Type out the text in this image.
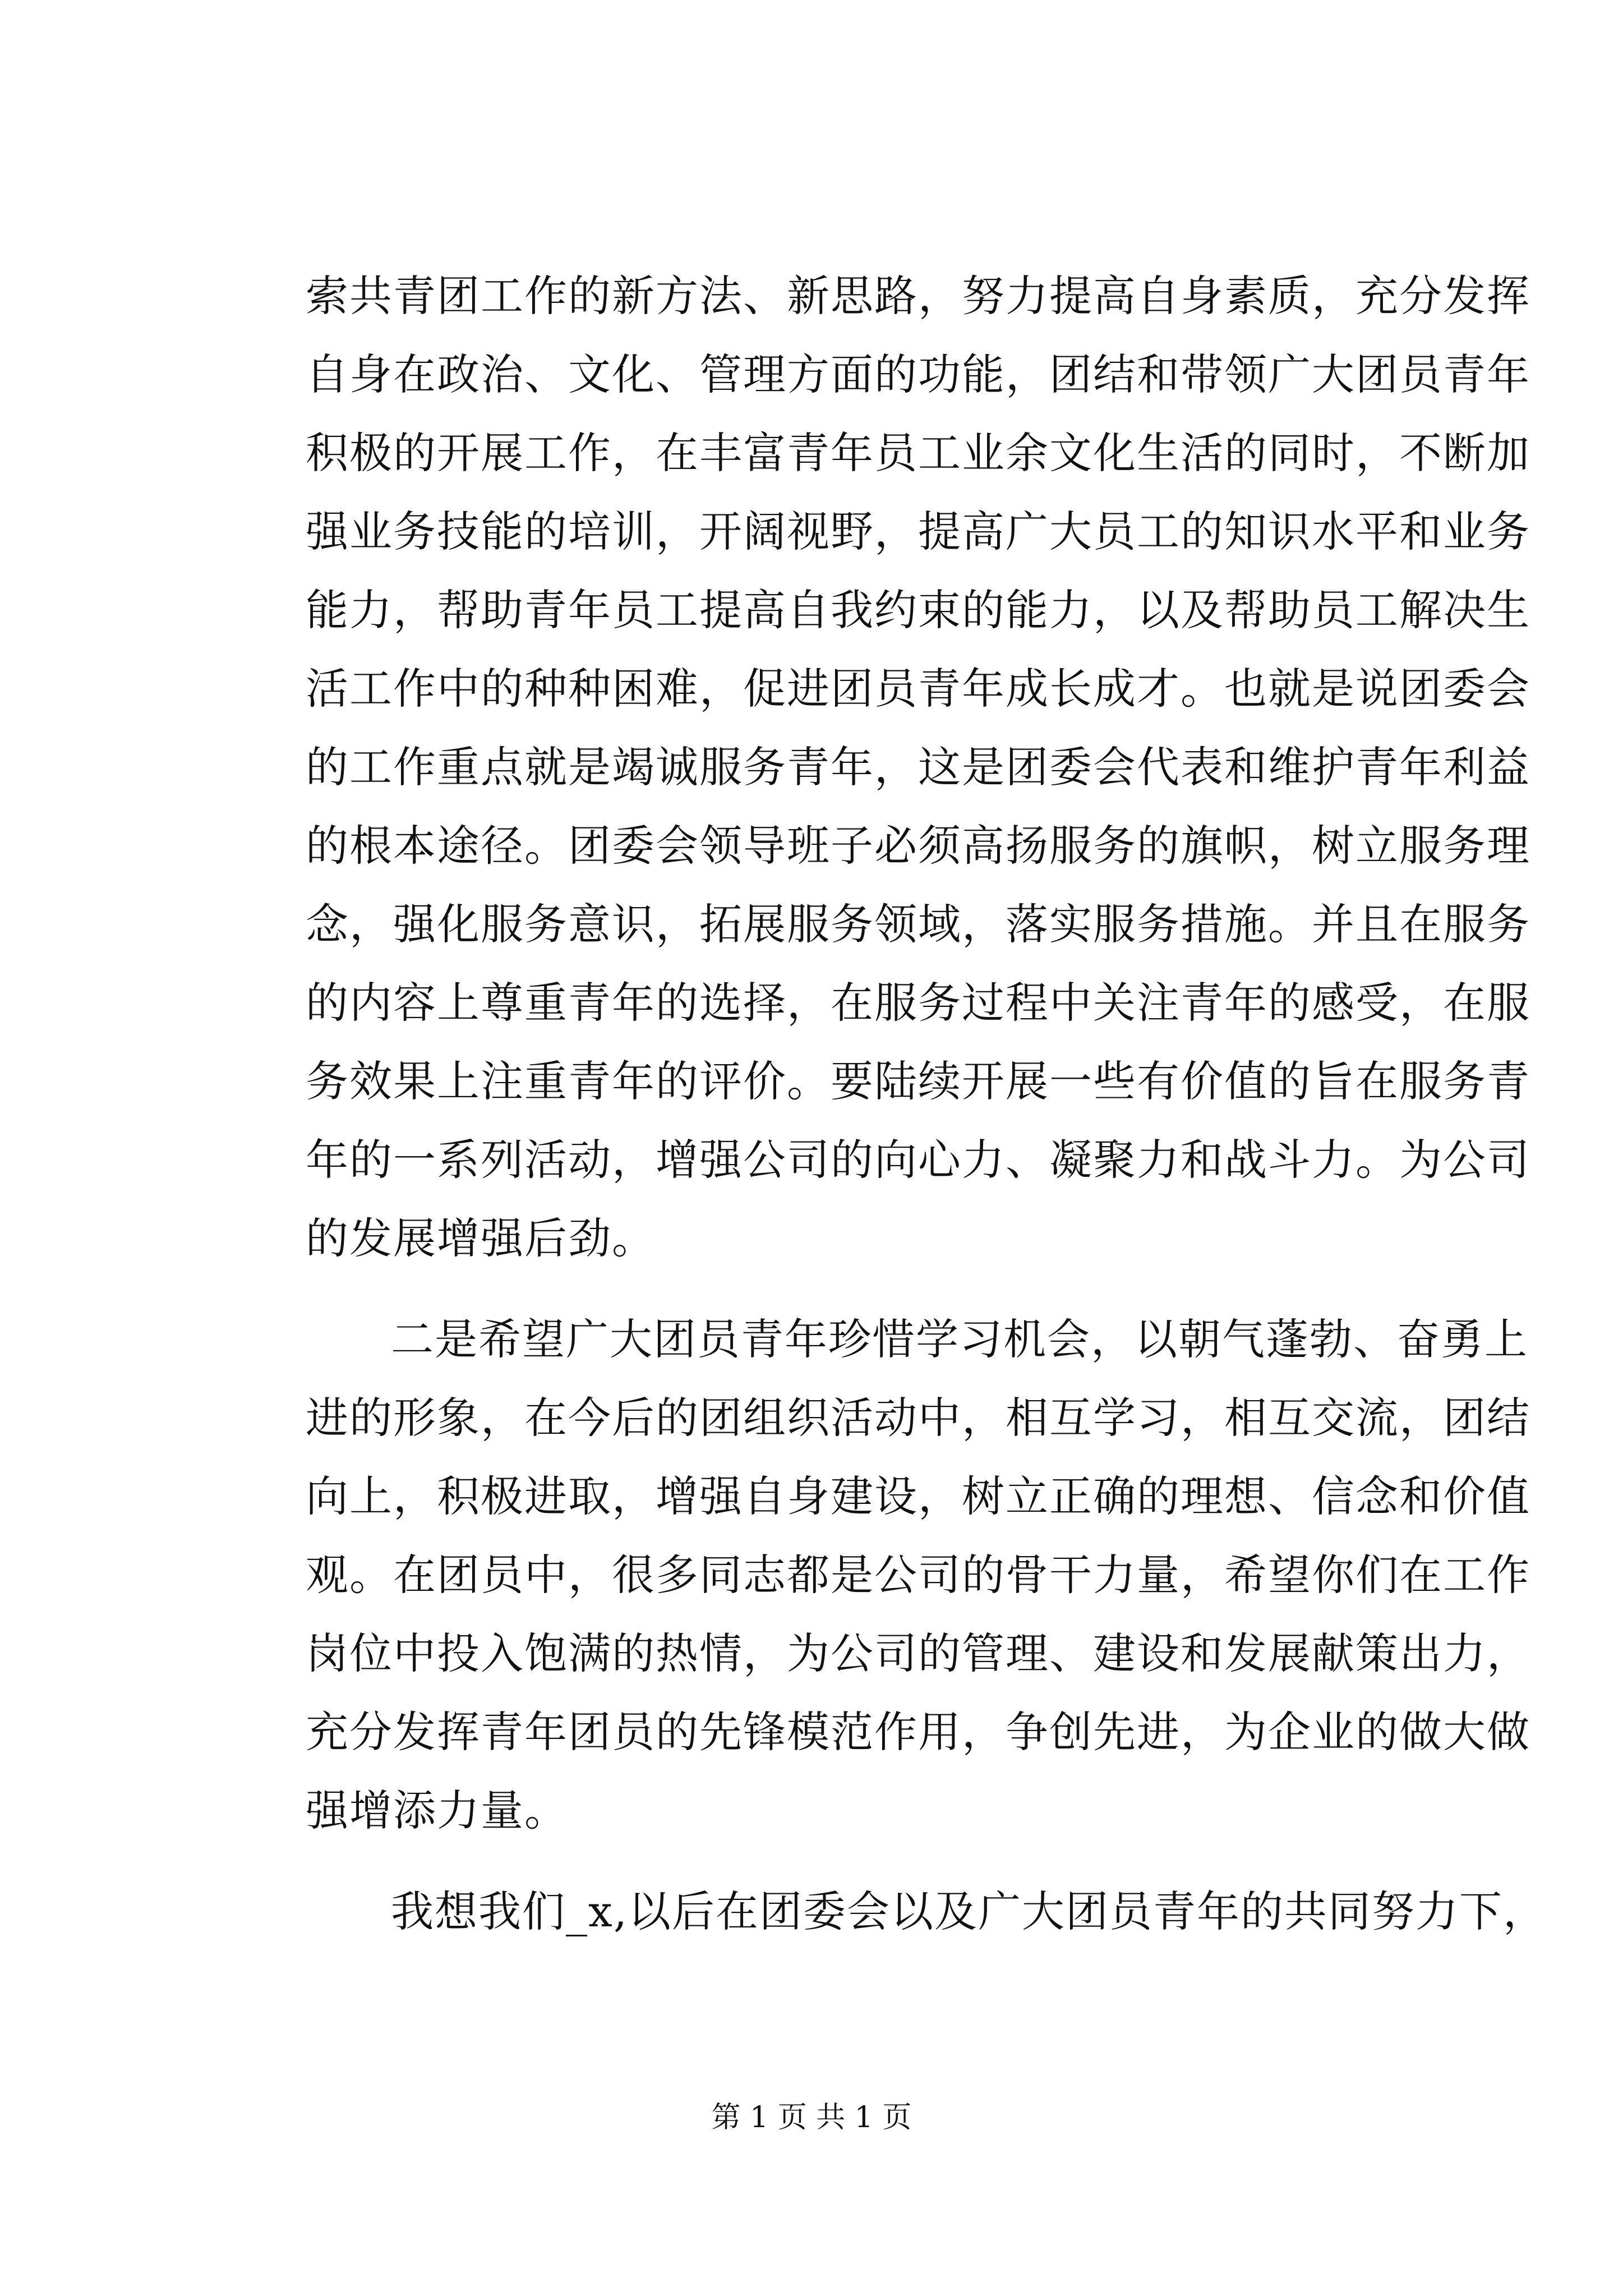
索共青团工作的新方法、新思路，努力提高自身素质，充分发挥
自身在政治、文化、管理方面的功能，团结和带领广大团员青年
积极的开展工作，在丰富青年员工业余文化生活的同时，不断加
强业务技能的培训，开阔视野，提高广大员工的知识水平和业务
能力，帮助青年员工提高自我约束的能力，以及帮助员工解决生
活工作中的种种困难，促进团员青年成长成才。也就是说团委会
的工作重点就是竭诚服务青年，这是团委会代表和维护青年利益
的根本途径。团委会领导班子必须高扬服务的旗帜，树立服务理
念，强化服务意识，拓展服务领域，落实服务措施。并且在服务
的内容上尊重青年的选择，在服务过程中关注青年的感受，在服
务效果上注重青年的评价。要陆续开展一些有价值的旨在服务青
年的一系列活动，增强公司的向心力、凝聚力和战斗力。为公司
的发展增强后劲。
二是希望广大团员青年珍惜学习机会，以朝气蓬勃、奋勇上
进的形象，在今后的团组织活动中，相互学习，相互交流，团结
向上，积极进取，增强自身建设，树立正确的理想、信念和价值
观。在团员中，很多同志都是公司的骨干力量，希望你们在工作
岗位中投入饱满的热情，为公司的管理、建设和发展献策出力，
充分发挥青年团员的先锋模范作用，争创先进，为企业的做大做
强增添力量。
我想我们_x,以后在团委会以及广大团员青年的共同努力下，
第 1 页 共 1 页
